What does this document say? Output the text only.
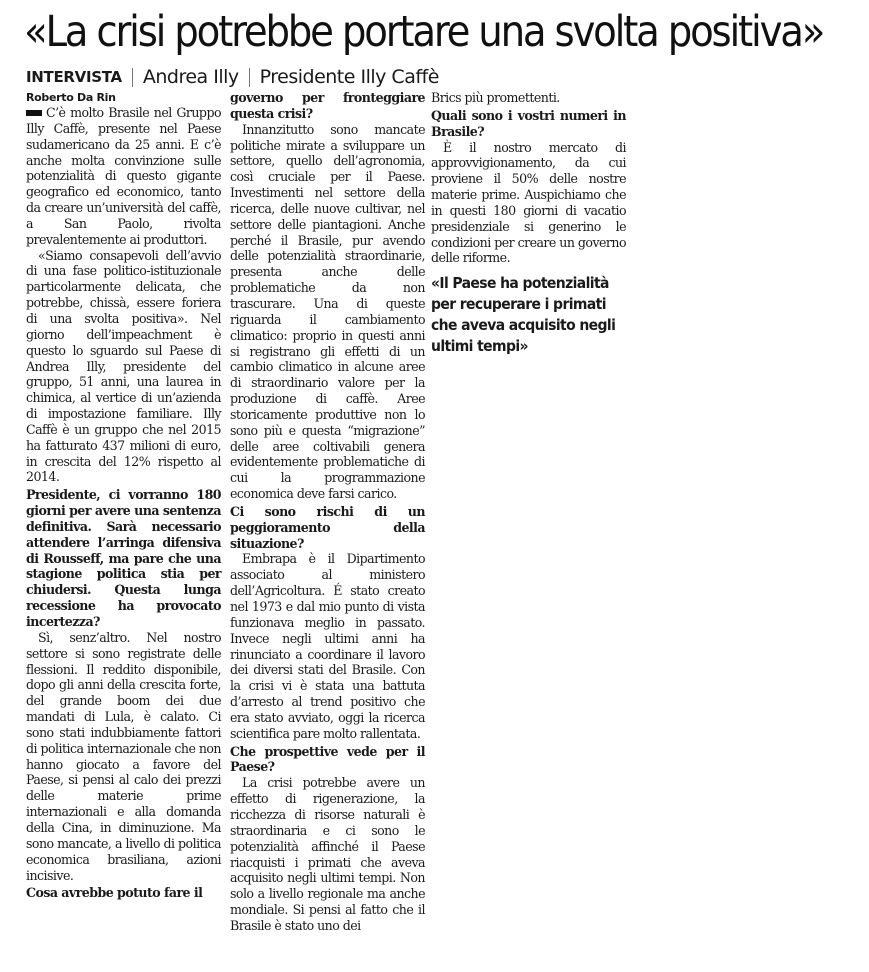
«La crisi potrebbe portare una svolta positiva»
INTERVISTA Andrea Illy Presidente Illy Caffè
Roberto Da Rin

C’è molto Brasile nel Gruppo Illy Caffè, presente nel Paese sudamericano da 25 anni. E c’è anche molta convinzione sulle potenzialità di questo gigante geografico ed economico, tanto da creare un’università del caffè, a San Paolo, rivolta prevalentemente ai produttori.

«Siamo consapevoli dell’avvio di una fase politico-istituzionale particolarmente delicata, che potrebbe, chissà, essere foriera di una svolta positiva». Nel giorno dell’impeachment è questo lo sguardo sul Paese di Andrea Illy, presidente del gruppo, 51 anni, una laurea in chimica, al vertice di un’azienda di impostazione familiare. Illy Caffè è un gruppo che nel 2015 ha fatturato 437 milioni di euro, in crescita del 12% rispetto al 2014.

Presidente, ci vorranno 180 giorni per avere una sentenza definitiva. Sarà necessario attendere l’arringa difensiva di Rousseff, ma pare che una stagione politica stia per chiudersi. Questa lunga recessione ha provocato incertezza?

Sì, senz’altro. Nel nostro settore si sono registrate delle flessioni. Il reddito disponibile, dopo gli anni della crescita forte, del grande boom dei due mandati di Lula, è calato. Ci sono stati indubbiamente fattori di politica internazionale che non hanno giocato a favore del Paese, si pensi al calo dei prezzi delle materie prime internazionali e alla domanda della Cina, in diminuzione. Ma sono mancate, a livello di politica economica brasiliana, azioni incisive.

Cosa avrebbe potuto fare il

governo per fronteggiare questa crisi?

Innanzitutto sono mancate politiche mirate a sviluppare un settore, quello dell’agronomia, così cruciale per il Paese. Investimenti nel settore della ricerca, delle nuove cultivar, nel settore delle piantagioni. Anche perché il Brasile, pur avendo delle potenzialità straordinarie, presenta anche delle problematiche da non trascurare. Una di queste riguarda il cambiamento climatico: proprio in questi anni si registrano gli effetti di un cambio climatico in alcune aree di straordinario valore per la produzione di caffè. Aree storicamente produttive non lo sono più e questa “migrazione” delle aree coltivabili genera evidentemente problematiche di cui la programmazione economica deve farsi carico.

Ci sono rischi di un peggioramento della situazione?

Embrapa è il Dipartimento associato al ministero dell’Agricoltura. É stato creato nel 1973 e dal mio punto di vista funzionava meglio in passato. Invece negli ultimi anni ha rinunciato a coordinare il lavoro dei diversi stati del Brasile. Con la crisi vi è stata una battuta d’arresto al trend positivo che era stato avviato, oggi la ricerca scientifica pare molto rallentata.

Che prospettive vede per il Paese?

La crisi potrebbe avere un effetto di rigenerazione, la ricchezza di risorse naturali è straordinaria e ci sono le potenzialità affinché il Paese riacquisti i primati che aveva acquisito negli ultimi tempi. Non solo a livello regionale ma anche mondiale. Si pensi al fatto che il Brasile è stato uno dei

Brics più promettenti.

Quali sono i vostri numeri in Brasile?

È il nostro mercato di approvvigionamento, da cui proviene il 50% delle nostre materie prime. Auspichiamo che in questi 180 giorni di vacatio presidenziale si generino le condizioni per creare un governo delle riforme.

«Il Paese ha potenzialità per recuperare i primati che aveva acquisito negli ultimi tempi»
